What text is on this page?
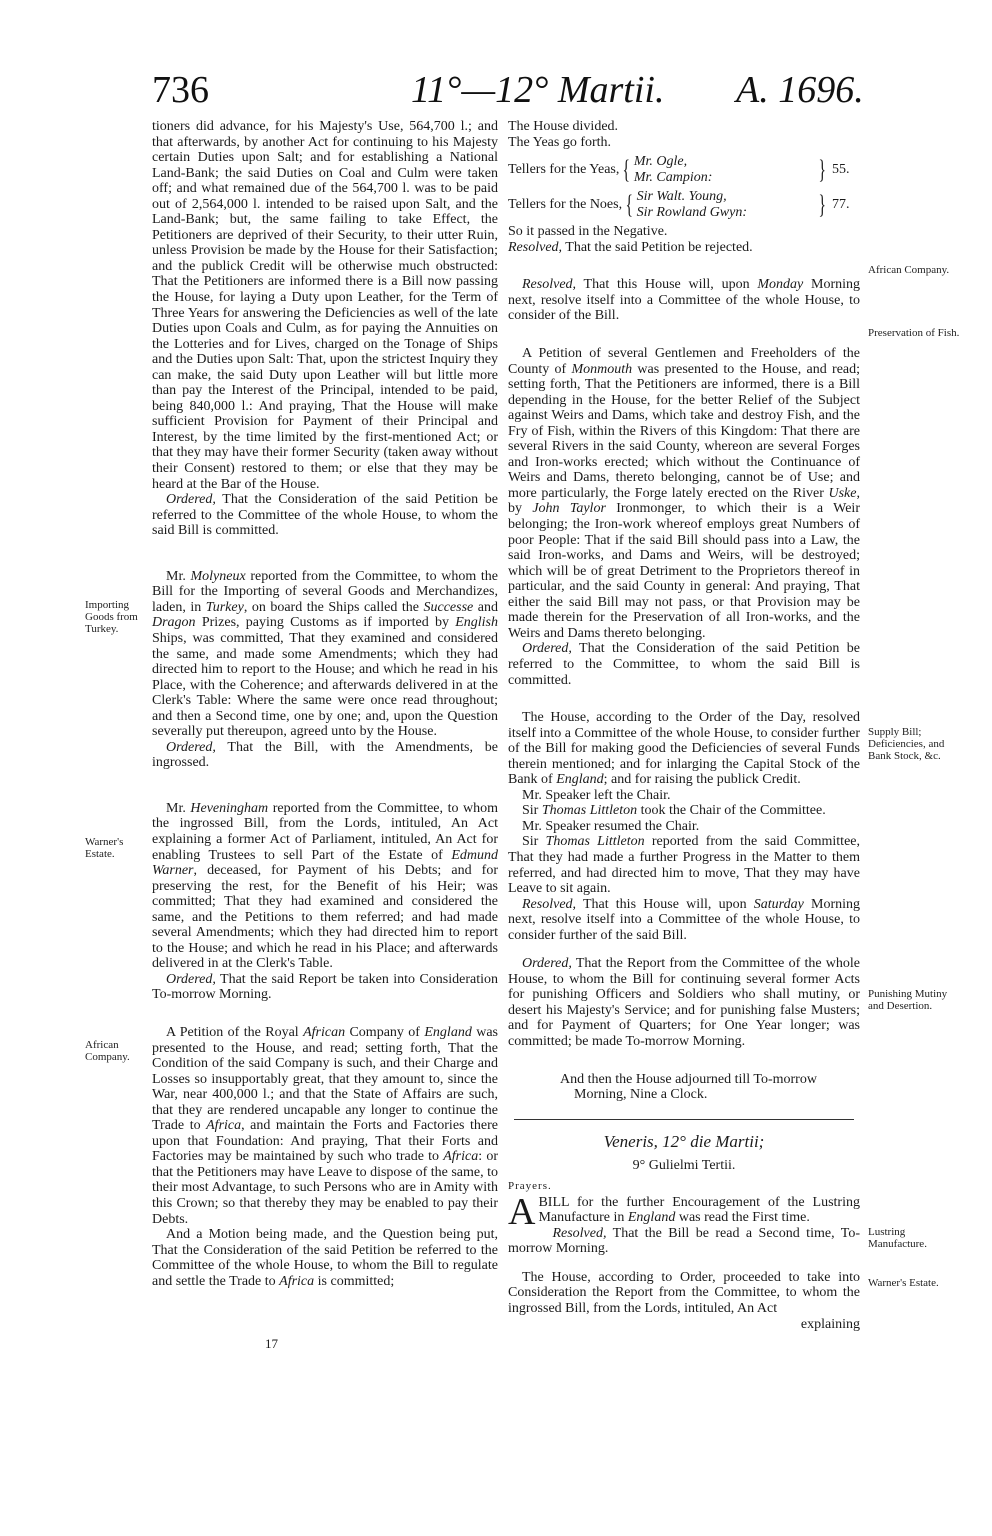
736	11°—12° Martii. A. 1696.
Importing Goods from Turkey.
Warner's Estate.
African Company.
African Company.
Preservation of Fish.
Supply Bill; Deficiencies, and Bank Stock, &c.
Punishing Mutiny and Desertion.
Lustring Manufacture.
Warner's Estate.

tioners did advance, for his Majesty's Use, 564,700 l.; and that afterwards, by another Act for continuing to his Majesty certain Duties upon Salt; and for establishing a National Land-Bank; the said Duties on Coal and Culm were taken off; and what remained due of the 564,700 l. was to be paid out of 2,564,000 l. intended to be raised upon Salt, and the Land-Bank; but, the same failing to take Effect, the Petitioners are deprived of their Security, to their utter Ruin, unless Provision be made by the House for their Satisfaction; and the publick Credit will be otherwise much obstructed: That the Petitioners are informed there is a Bill now passing the House, for laying a Duty upon Leather, for the Term of Three Years for answering the Deficiencies as well of the late Duties upon Coals and Culm, as for paying the Annuities on the Lotteries and for Lives, charged on the Tonage of Ships and the Duties upon Salt: That, upon the strictest Inquiry they can make, the said Duty upon Leather will but little more than pay the Interest of the Principal, intended to be paid, being 840,000 l.: And praying, That the House will make sufficient Provision for Payment of their Principal and Interest, by the time limited by the first-mentioned Act; or that they may have their former Security (taken away without their Consent) restored to them; or else that they may be heard at the Bar of the House.

Ordered, That the Consideration of the said Petition be referred to the Committee of the whole House, to whom the said Bill is committed.

Mr. Molyneux reported from the Committee, to whom the Bill for the Importing of several Goods and Merchandizes, laden, in Turkey, on board the Ships called the Successe and Dragon Prizes, paying Customs as if imported by English Ships, was committed, That they examined and considered the same, and made some Amendments; which they had directed him to report to the House; and which he read in his Place, with the Coherence; and afterwards delivered in at the Clerk's Table: Where the same were once read throughout; and then a Second time, one by one; and, upon the Question severally put thereupon, agreed unto by the House.

Ordered, That the Bill, with the Amendments, be ingrossed.

Mr. Heveningham reported from the Committee, to whom the ingrossed Bill, from the Lords, intituled, An Act explaining a former Act of Parliament, intituled, An Act for enabling Trustees to sell Part of the Estate of Edmund Warner, deceased, for Payment of his Debts; and for preserving the rest, for the Benefit of his Heir; was committed; That they had examined and considered the same, and the Petitions to them referred; and had made several Amendments; which they had directed him to report to the House; and which he read in his Place; and afterwards delivered in at the Clerk's Table.

Ordered, That the said Report be taken into Consideration To-morrow Morning.

A Petition of the Royal African Company of England was presented to the House, and read; setting forth, That the Condition of the said Company is such, and their Charge and Losses so insupportably great, that they amount to, since the War, near 400,000 l.; and that the State of Affairs are such, that they are rendered uncapable any longer to continue the Trade to Africa, and maintain the Forts and Factories there upon that Foundation: And praying, That their Forts and Factories may be maintained by such who trade to Africa: or that the Petitioners may have Leave to dispose of the same, to their most Advantage, to such Persons who are in Amity with this Crown; so that thereby they may be enabled to pay their Debts.

And a Motion being made, and the Question being put, That the Consideration of the said Petition be referred to the Committee of the whole House, to whom the Bill to regulate and settle the Trade to Africa is committed;

The House divided.

The Yeas go forth.

Tellers for the Yeas, { Mr. Ogle,
Mr. Campion:	} 55.
Tellers for the Noes, { Sir Walt. Young,
Sir Rowland Gwyn:	} 77.

So it passed in the Negative.

Resolved, That the said Petition be rejected.

Resolved, That this House will, upon Monday Morning next, resolve itself into a Committee of the whole House, to consider of the Bill.

A Petition of several Gentlemen and Freeholders of the County of Monmouth was presented to the House, and read; setting forth, That the Petitioners are informed, there is a Bill depending in the House, for the better Relief of the Subject against Weirs and Dams, which take and destroy Fish, and the Fry of Fish, within the Rivers of this Kingdom: That there are several Rivers in the said County, whereon are several Forges and Iron-works erected; which without the Continuance of Weirs and Dams, thereto belonging, cannot be of Use; and more particularly, the Forge lately erected on the River Uske, by John Taylor Ironmonger, to which their is a Weir belonging; the Iron-work whereof employs great Numbers of poor People: That if the said Bill should pass into a Law, the said Iron-works, and Dams and Weirs, will be destroyed; which will be of great Detriment to the Proprietors thereof in particular, and the said County in general: And praying, That either the said Bill may not pass, or that Provision may be made therein for the Preservation of all Iron-works, and the Weirs and Dams thereto belonging.

Ordered, That the Consideration of the said Petition be referred to the Committee, to whom the said Bill is committed.

The House, according to the Order of the Day, resolved itself into a Committee of the whole House, to consider further of the Bill for making good the Deficiencies of several Funds therein mentioned; and for inlarging the Capital Stock of the Bank of England; and for raising the publick Credit.

Mr. Speaker left the Chair.

Sir Thomas Littleton took the Chair of the Committee.

Mr. Speaker resumed the Chair.

Sir Thomas Littleton reported from the said Committee, That they had made a further Progress in the Matter to them referred, and had directed him to move, That they may have Leave to sit again.

Resolved, That this House will, upon Saturday Morning next, resolve itself into a Committee of the whole House, to consider further of the said Bill.

Ordered, That the Report from the Committee of the whole House, to whom the Bill for continuing several former Acts for punishing Officers and Soldiers who shall mutiny, or desert his Majesty's Service; and for punishing false Musters; and for Payment of Quarters; for One Year longer; was committed; be made To-morrow Morning.

And then the House adjourned till To-morrow

Morning, Nine a Clock.

Veneris, 12° die Martii;

9° Gulielmi Tertii.

Prayers.

A BILL for the further Encouragement of the Lustring Manufacture in England was read the First time.

Resolved, That the Bill be read a Second time, To-morrow Morning.

The House, according to Order, proceeded to take into Consideration the Report from the Committee, to whom the ingrossed Bill, from the Lords, intituled, An Act

explaining

17
